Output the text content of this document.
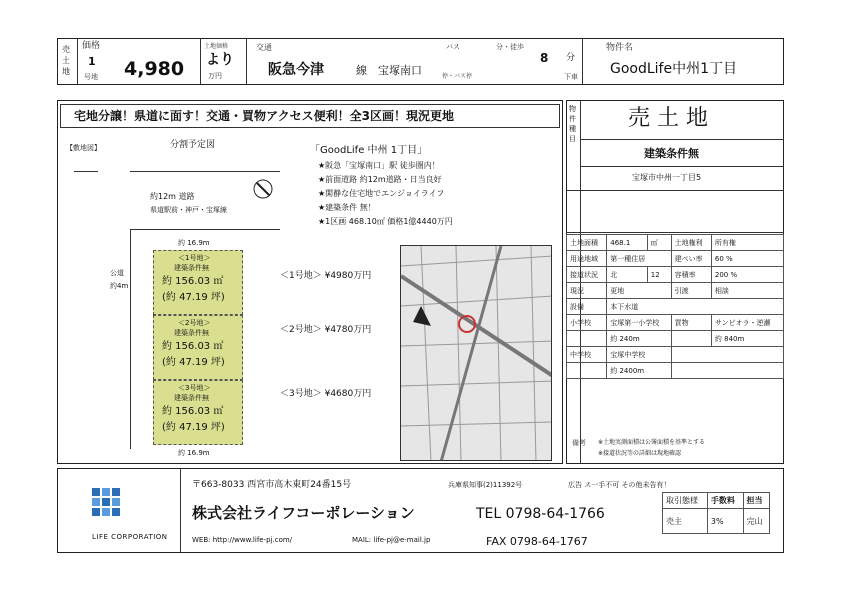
売土地
価格
1
号地 4,980
土地価格
より
万円
交通
阪急今津	線 宝塚南口
バス	分・徒歩
8 分
停・バス停	下車
物件名
GoodLife中州1丁目
宅地分譲！県道に面す！交通・買物アクセス便利！全3区画！現況更地
【敷地図】	分割予定図
約12m 道路
県道駅前・神戸・宝塚線
公道
約4m
約 16.9m
＜1号地＞
建築条件無
約 156.03 ㎡
(約 47.19 坪)
＜2号地＞
建築条件無
約 156.03 ㎡
(約 47.19 坪)
＜3号地＞
建築条件無
約 156.03 ㎡
(約 47.19 坪)
約 16.9m
＜1号地＞ ¥4980万円
＜2号地＞ ¥4780万円
＜3号地＞ ¥4680万円
「GoodLife 中州 1丁目」
★阪急「宝塚南口」駅 徒歩圏内！
★前面道路 約12m道路・日当良好
★閑静な住宅地でエンジョイライフ
★建築条件 無！
★1区画 468.10㎡ 価格1億4440万円
物件種目
売 土 地
建築条件無
宝塚市中州一丁目5
土地面積	468.1	㎡	土地権利	所有権
用途地域	第一種住居		建ぺい率	60 %
接道状況	北	12	容積率	200 %
現況	更地		引渡	相談
設備	本下水道			
小学校	宝塚第一小学校		買物	サンビオラ・逆瀬
	約 240m			約 840m
中学校	宝塚中学校			
	約 2400m			
備考 ※土地実測面積は公簿面積を基準とする
※接道状況等の詳細は現地確認
LIFE CORPORATION
〒663-8033 西宮市高木東町24番15号	兵庫県知事(2)11392号	広告 ス一手不可 その他未告有！
株式会社ライフコーポレーション	TEL 0798-64-1766
WEB: http://www.life-pj.com/	MAIL: life-pj@e-mail.jp	FAX 0798-64-1767
取引態様	手数料	担当
売主	3%	完山
